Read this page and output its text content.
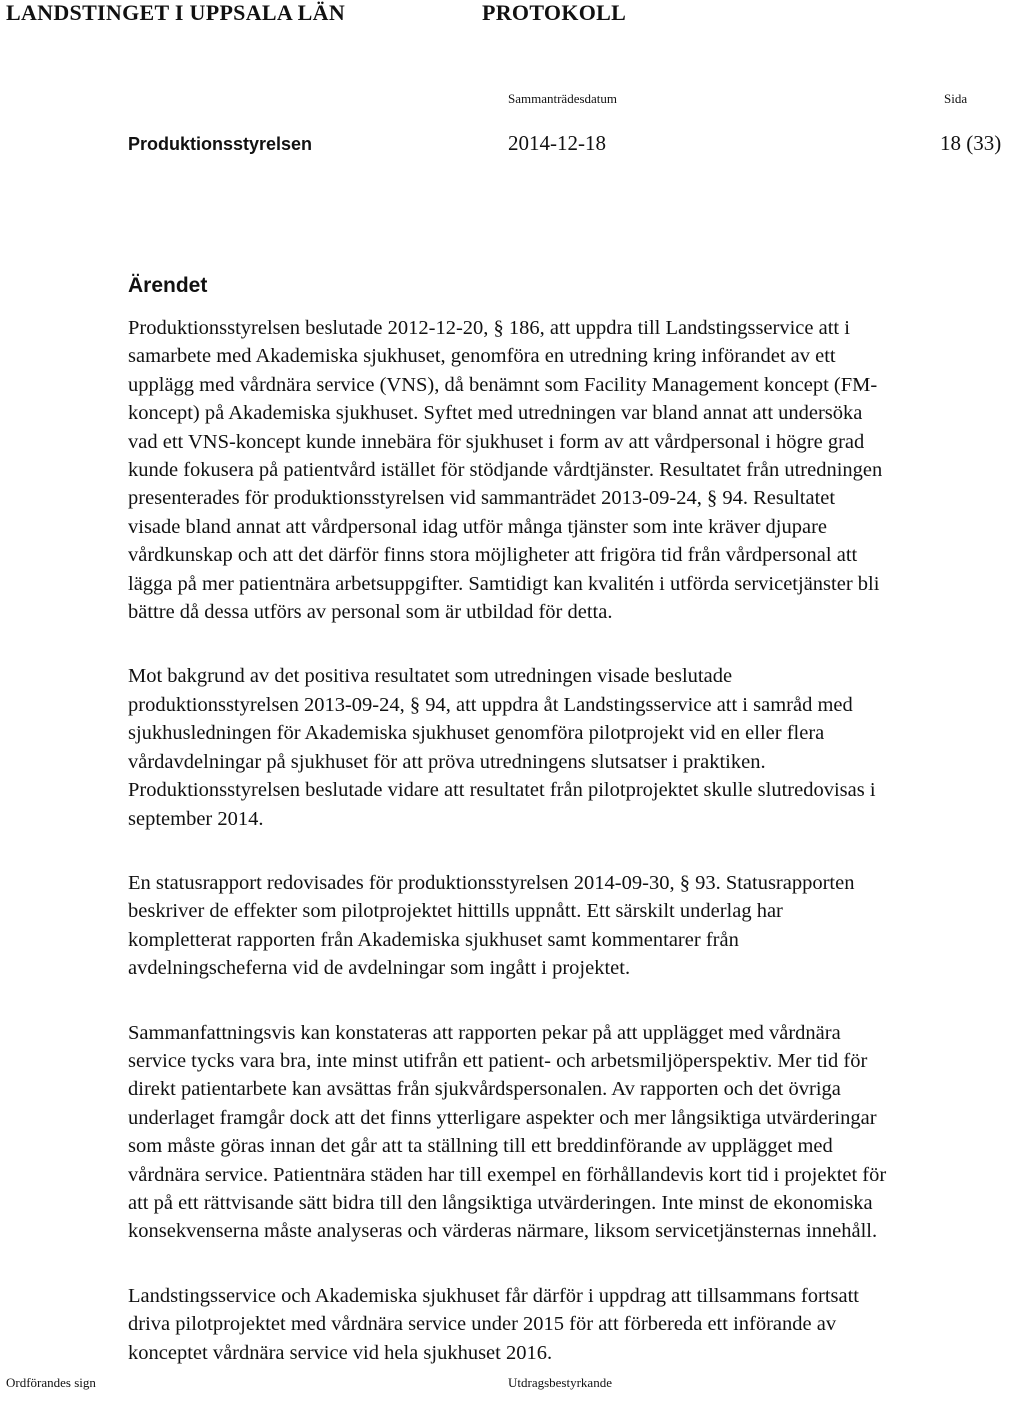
LANDSTINGET I UPPSALA LÄN	PROTOKOLL
Sammanträdesdatum	Sida
Produktionsstyrelsen	2014-12-18	18 (33)
Ärendet

Produktionsstyrelsen beslutade 2012-12-20, § 186, att uppdra till Landstingsservice att i
samarbete med Akademiska sjukhuset, genomföra en utredning kring införandet av ett
upplägg med vårdnära service (VNS), då benämnt som Facility Management koncept (FM-
koncept) på Akademiska sjukhuset. Syftet med utredningen var bland annat att undersöka
vad ett VNS-koncept kunde innebära för sjukhuset i form av att vårdpersonal i högre grad
kunde fokusera på patientvård istället för stödjande vårdtjänster. Resultatet från utredningen
presenterades för produktionsstyrelsen vid sammanträdet 2013-09-24, § 94. Resultatet
visade bland annat att vårdpersonal idag utför många tjänster som inte kräver djupare
vårdkunskap och att det därför finns stora möjligheter att frigöra tid från vårdpersonal att
lägga på mer patientnära arbetsuppgifter. Samtidigt kan kvalitén i utförda servicetjänster bli
bättre då dessa utförs av personal som är utbildad för detta.

Mot bakgrund av det positiva resultatet som utredningen visade beslutade
produktionsstyrelsen 2013-09-24, § 94, att uppdra åt Landstingsservice att i samråd med
sjukhusledningen för Akademiska sjukhuset genomföra pilotprojekt vid en eller flera
vårdavdelningar på sjukhuset för att pröva utredningens slutsatser i praktiken.
Produktionsstyrelsen beslutade vidare att resultatet från pilotprojektet skulle slutredovisas i
september 2014.

En statusrapport redovisades för produktionsstyrelsen 2014-09-30, § 93. Statusrapporten
beskriver de effekter som pilotprojektet hittills uppnått. Ett särskilt underlag har
kompletterat rapporten från Akademiska sjukhuset samt kommentarer från
avdelningscheferna vid de avdelningar som ingått i projektet.

Sammanfattningsvis kan konstateras att rapporten pekar på att upplägget med vårdnära
service tycks vara bra, inte minst utifrån ett patient- och arbetsmiljöperspektiv. Mer tid för
direkt patientarbete kan avsättas från sjukvårdspersonalen. Av rapporten och det övriga
underlaget framgår dock att det finns ytterligare aspekter och mer långsiktiga utvärderingar
som måste göras innan det går att ta ställning till ett breddinförande av upplägget med
vårdnära service. Patientnära städen har till exempel en förhållandevis kort tid i projektet för
att på ett rättvisande sätt bidra till den långsiktiga utvärderingen. Inte minst de ekonomiska
konsekvenserna måste analyseras och värderas närmare, liksom servicetjänsternas innehåll.

Landstingsservice och Akademiska sjukhuset får därför i uppdrag att tillsammans fortsatt
driva pilotprojektet med vårdnära service under 2015 för att förbereda ett införande av
konceptet vårdnära service vid hela sjukhuset 2016.

Ordförandes sign	Utdragsbestyrkande
